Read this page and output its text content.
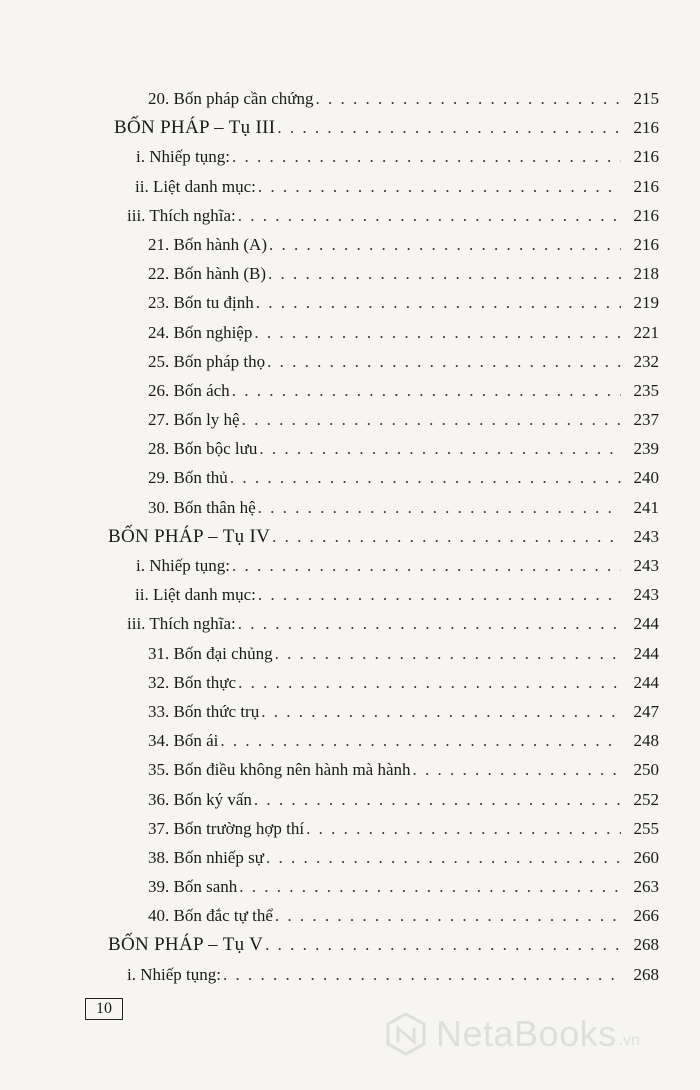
20. Bốn pháp cần chứng . . .	215
BỐN PHÁP – Tụ III . . .	216
i. Nhiếp tụng: . . .	216
ii. Liệt danh mục: . . .	216
iii. Thích nghĩa: . . .	216
21. Bốn hành (A) . . .	216
22. Bốn hành (B) . . .	218
23. Bốn tu định . . .	219
24. Bốn nghiệp . . .	221
25. Bốn pháp thọ . . .	232
26. Bốn ách . . .	235
27. Bốn ly hệ . . .	237
28. Bốn bộc lưu . . .	239
29. Bốn thủ . . .	240
30. Bốn thân hệ . . .	241
BỐN PHÁP – Tụ IV . . .	243
i. Nhiếp tụng: . . .	243
ii. Liệt danh mục: . . .	243
iii. Thích nghĩa: . . .	244
31. Bốn đại chủng . . .	244
32. Bốn thực . . .	244
33. Bốn thức trụ . . .	247
34. Bốn ái . . .	248
35. Bốn điều không nên hành mà hành . . .	250
36. Bốn ký vấn . . .	252
37. Bốn trường hợp thí . . .	255
38. Bốn nhiếp sự . . .	260
39. Bốn sanh . . .	263
40. Bốn đắc tự thể . . .	266
BỐN PHÁP – Tụ V . . .	268
i. Nhiếp tụng: . . .	268
10
NetaBooks .vn
